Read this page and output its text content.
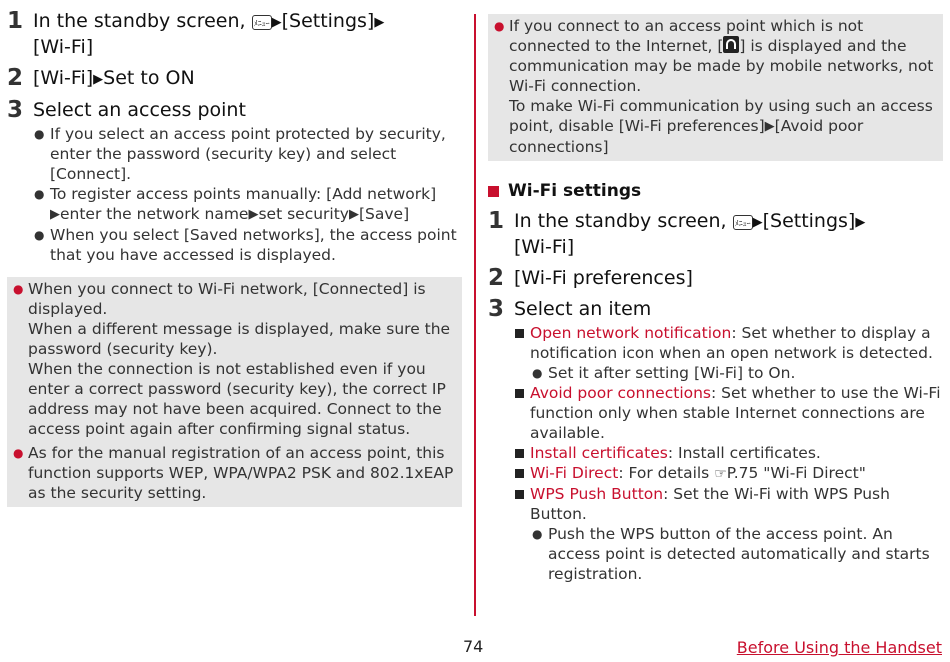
1 In the standby screen, ﾒﾆｭｰ ▶[Settings]▶
[Wi-Fi]
2 [Wi-Fi]▶Set to ON
3 Select an access point
● If you select an access point protected by security, enter the password (security key) and select [Connect].
● To register access points manually: [Add network]
▶enter the network name▶set security▶[Save]
● When you select [Saved networks], the access point that you have accessed is displayed.
● When you connect to Wi-Fi network, [Connected] is displayed.
When a different message is displayed, make sure the password (security key).
When the connection is not established even if you enter a correct password (security key), the correct IP address may not have been acquired. Connect to the access point again after confirming signal status.
● As for the manual registration of an access point, this function supports WEP, WPA/WPA2 PSK and 802.1xEAP as the security setting.
● If you connect to an access point which is not connected to the Internet, [ ] is displayed and the communication may be made by mobile networks, not Wi-Fi connection.
To make Wi-Fi communication by using such an access point, disable [Wi-Fi preferences]▶[Avoid poor connections]
Wi-Fi settings
1 In the standby screen, ﾒﾆｭｰ ▶[Settings]▶
[Wi-Fi]
2 [Wi-Fi preferences]
3 Select an item
Open network notification: Set whether to display a notification icon when an open network is detected.
● Set it after setting [Wi-Fi] to On.
Avoid poor connections: Set whether to use the Wi-Fi function only when stable Internet connections are available.
Install certificates: Install certificates.
Wi-Fi Direct: For details ☞P.75 "Wi-Fi Direct"
WPS Push Button: Set the Wi-Fi with WPS Push Button.
● Push the WPS button of the access point. An access point is detected automatically and starts registration.
74	Before Using the Handset
